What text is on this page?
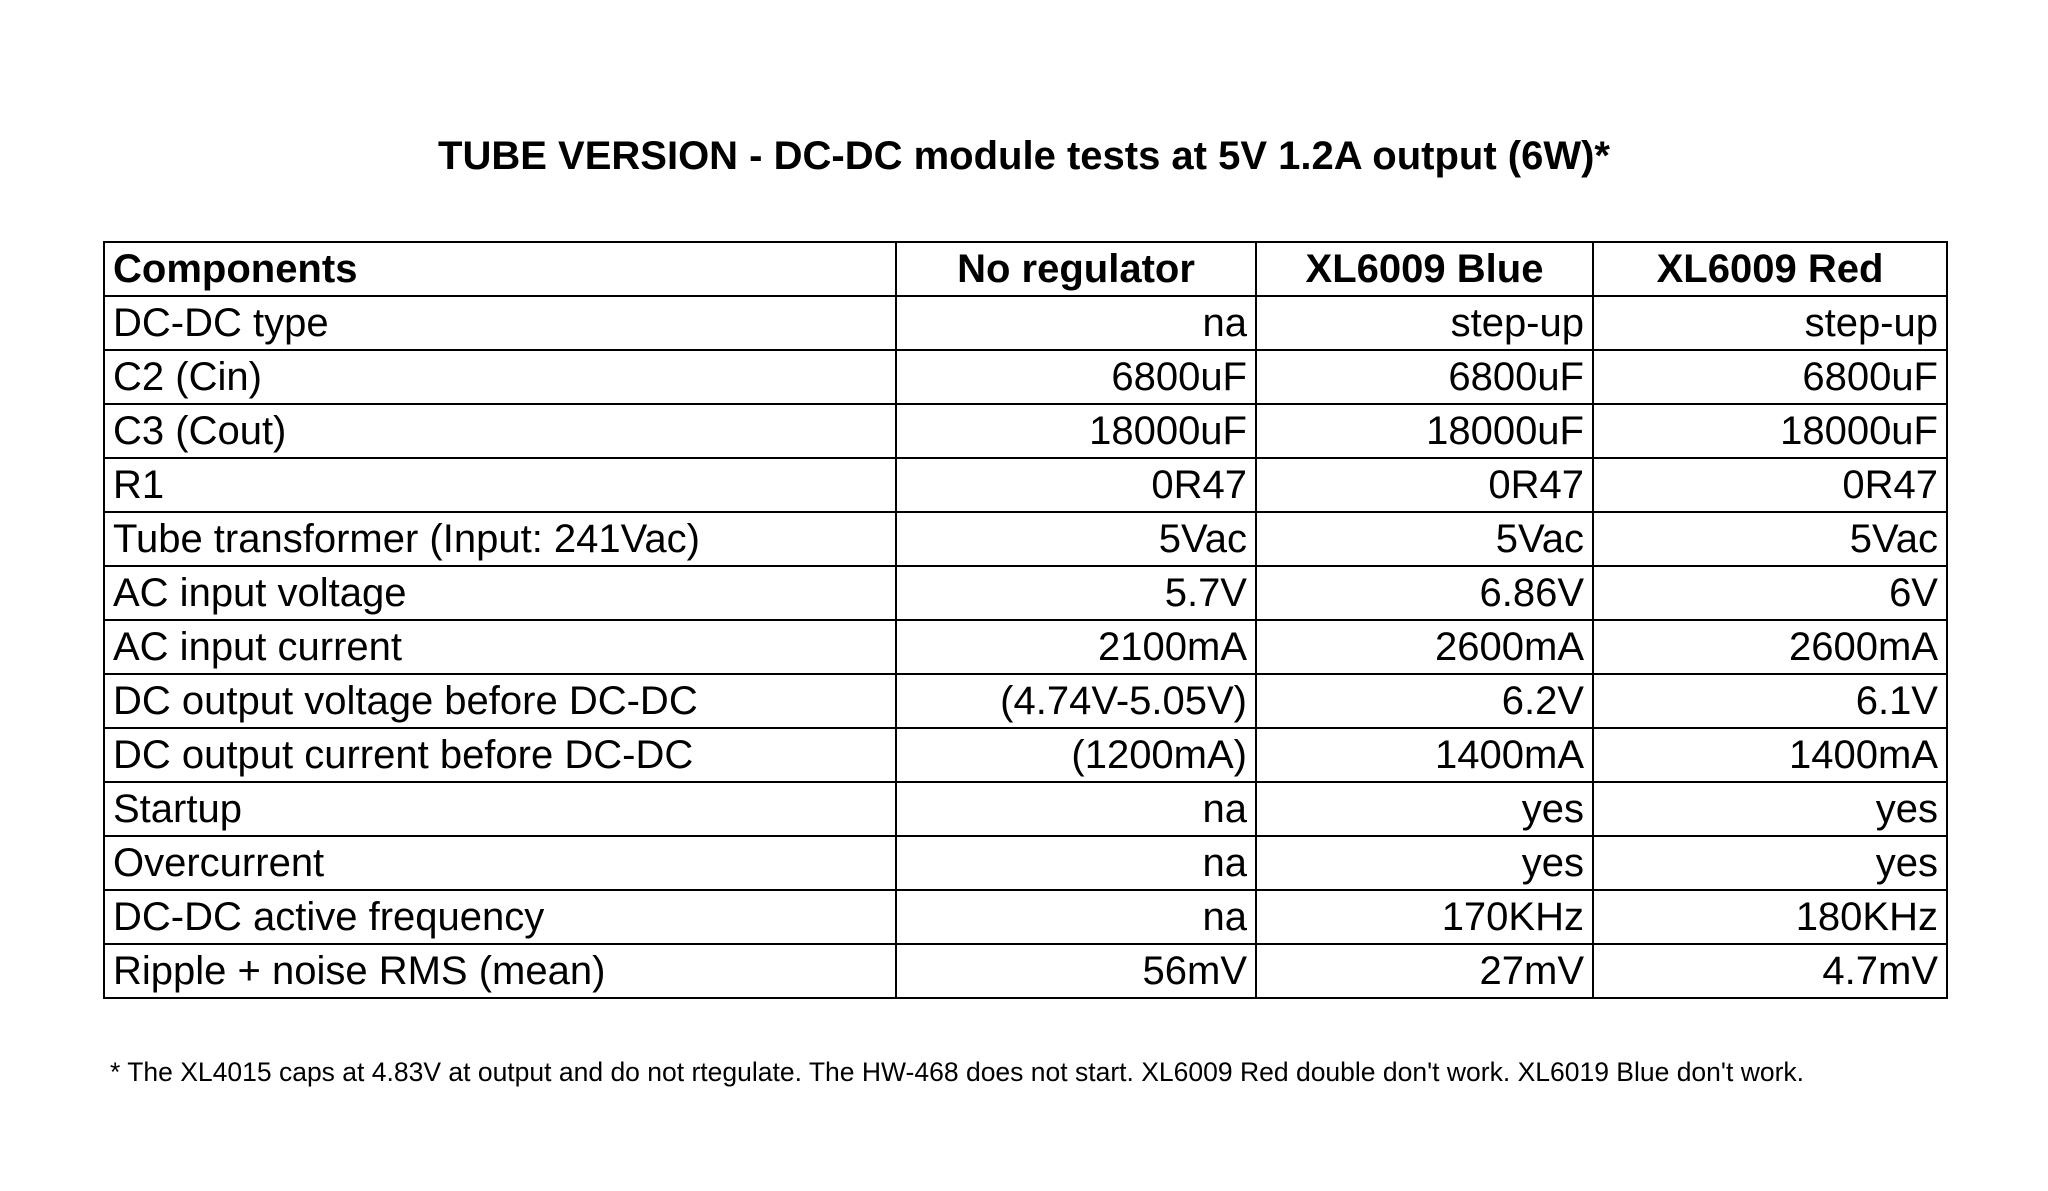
TUBE VERSION - DC-DC module tests at 5V 1.2A output (6W)*
Components	No regulator	XL6009 Blue	XL6009 Red
DC-DC type	na	step-up	step-up
C2 (Cin)	6800uF	6800uF	6800uF
C3 (Cout)	18000uF	18000uF	18000uF
R1	0R47	0R47	0R47
Tube transformer (Input: 241Vac)	5Vac	5Vac	5Vac
AC input voltage	5.7V	6.86V	6V
AC input current	2100mA	2600mA	2600mA
DC output voltage before DC-DC	(4.74V-5.05V)	6.2V	6.1V
DC output current before DC-DC	(1200mA)	1400mA	1400mA
Startup	na	yes	yes
Overcurrent	na	yes	yes
DC-DC active frequency	na	170KHz	180KHz
Ripple + noise RMS (mean)	56mV	27mV	4.7mV

* The XL4015 caps at 4.83V at output and do not rtegulate. The HW-468 does not start. XL6009 Red double don't work. XL6019 Blue don't work.
